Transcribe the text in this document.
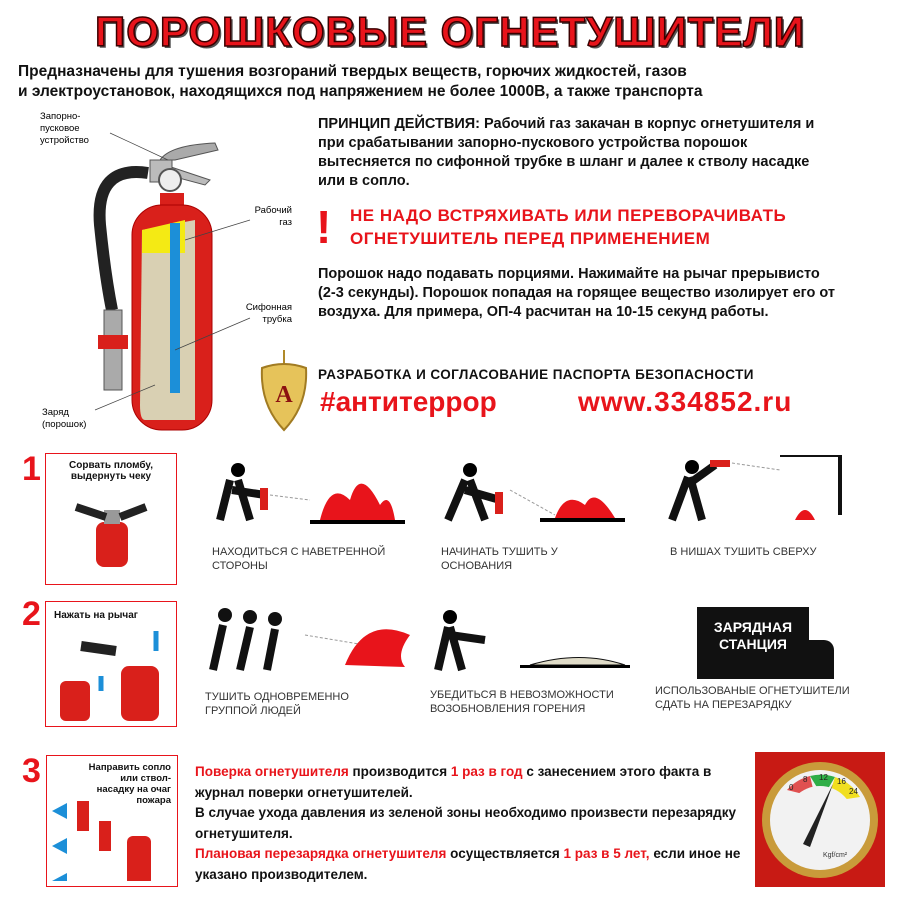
ПОРОШКОВЫЕ ОГНЕТУШИТЕЛИ
Предназначены для тушения возгораний твердых веществ, горючих жидкостей, газов
и электроустановок, находящихся под напряжением не более 1000В, а также транспорта
Запорно-пусковое устройство
Рабочий газ
Сифонная трубка
Заряд (порошок)
ПРИНЦИП ДЕЙСТВИЯ: Рабочий газ закачан в корпус огнетушителя и при срабатывании запорно-пускового устройства порошок вытесняется по сифонной трубке в шланг и далее к стволу насадке или в сопло.
! НЕ НАДО ВСТРЯХИВАТЬ ИЛИ ПЕРЕВОРАЧИВАТЬ
ОГНЕТУШИТЕЛЬ ПЕРЕД ПРИМЕНЕНИЕМ
Порошок надо подавать порциями. Нажимайте на рычаг прерывисто (2-3 секунды). Порошок попадая на горящее вещество изолирует его от воздуха. Для примера, ОП-4 расчитан на 10-15 секунд работы.
A
РАЗРАБОТКА И СОГЛАСОВАНИЕ ПАСПОРТА БЕЗОПАСНОСТИ
#антитеррор	www.334852.ru
1	Сорвать пломбу, выдернуть чеку
2 Нажать на рычаг
3	Направить сопло или ствол-насадку на очаг пожара
НАХОДИТЬСЯ С НАВЕТРЕННОЙ СТОРОНЫ
НАЧИНАТЬ ТУШИТЬ У ОСНОВАНИЯ
В НИШАХ ТУШИТЬ СВЕРХУ
ТУШИТЬ ОДНОВРЕМЕННО ГРУППОЙ ЛЮДЕЙ
УБЕДИТЬСЯ В НЕВОЗМОЖНОСТИ ВОЗОБНОВЛЕНИЯ ГОРЕНИЯ
ЗАРЯДНАЯ
СТАНЦИЯ
ИСПОЛЬЗОВАНЫЕ ОГНЕТУШИТЕЛИ СДАТЬ НА ПЕРЕЗАРЯДКУ
Поверка огнетушителя производится 1 раз в год с занесением этого факта в журнал поверки огнетушителей.
В случае ухода давления из зеленой зоны необходимо произвести перезарядку огнетушителя.
Плановая перезарядка огнетушителя осуществляется 1 раз в 5 лет, если иное не указано производителем.
0
8 12 16
24
Kgf/cm²
